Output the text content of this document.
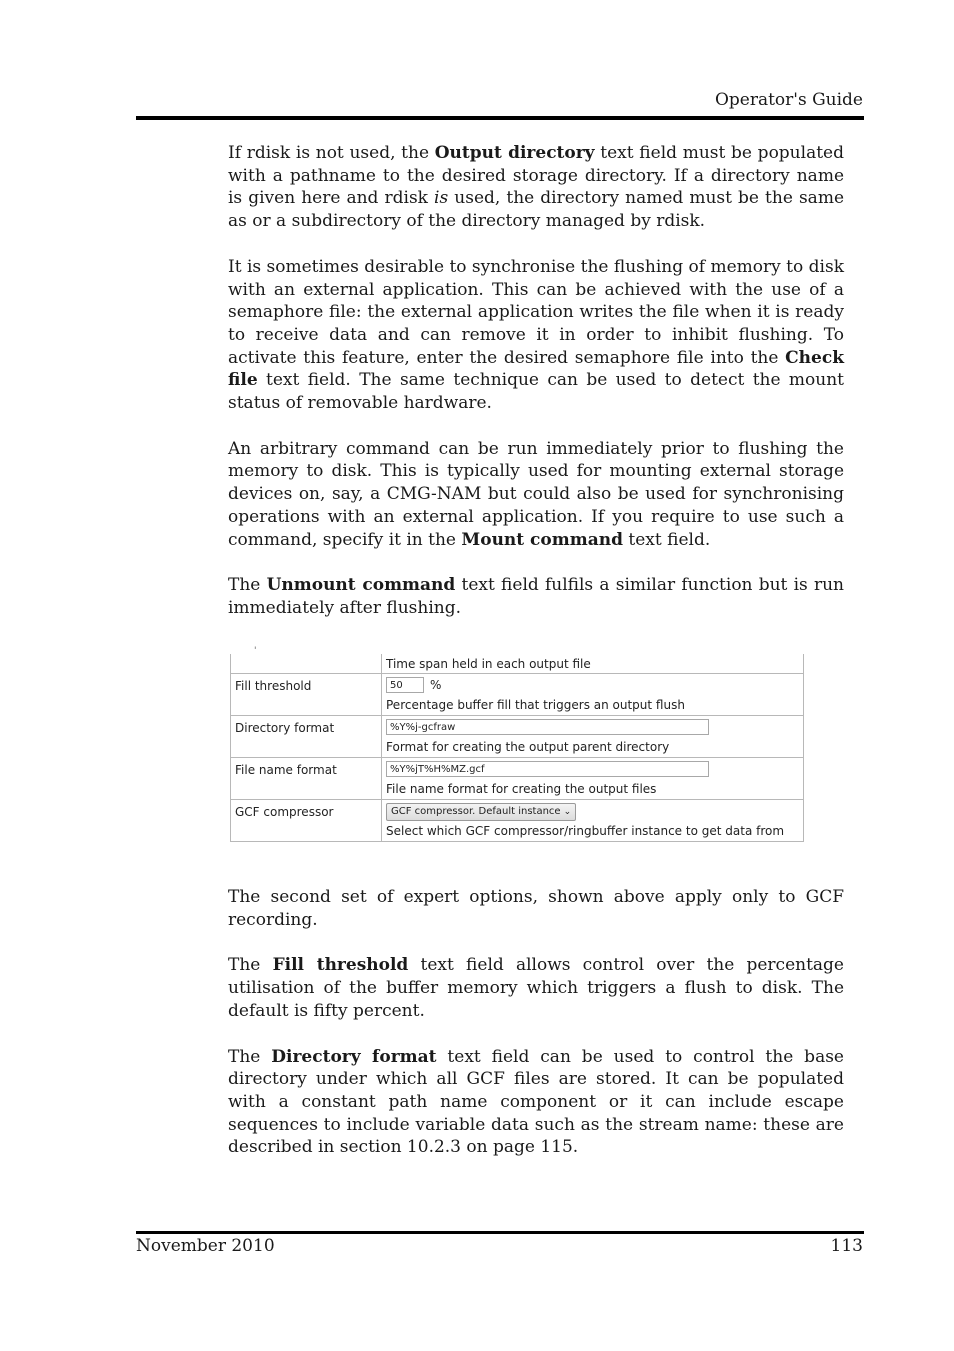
Operator's Guide

If rdisk is not used, the Output directory text field must be populated with a pathname to the desired storage directory. If a directory name is given here and rdisk is used, the directory named must be the same as or a subdirectory of the directory managed by rdisk.

It is sometimes desirable to synchronise the flushing of memory to disk with an external application. This can be achieved with the use of a semaphore file: the external application writes the file when it is ready to receive data and can remove it in order to inhibit flushing. To activate this feature, enter the desired semaphore file into the Check file text field. The same technique can be used to detect the mount status of removable hardware.

An arbitrary command can be run immediately prior to flushing the memory to disk. This is typically used for mounting external storage devices on, say, a CMG-NAM but could also be used for synchronising operations with an external application. If you require to use such a command, specify it in the Mount command text field.

The Unmount command text field fulfils a similar function but is run immediately after flushing.

'

	Time span held in each output file

Fill threshold	50 %
Percentage buffer fill that triggers an output flush

Directory format	%Y%j-gcfraw
Format for creating the output parent directory

File name format	%Y%jT%H%MZ.gcf
File name format for creating the output files

GCF compressor	GCF compressor. Default instance ⌄
Select which GCF compressor/ringbuffer instance to get data from

The second set of expert options, shown above apply only to GCF recording.

The Fill threshold text field allows control over the percentage utilisation of the buffer memory which triggers a flush to disk. The default is fifty percent.

The Directory format text field can be used to control the base directory under which all GCF files are stored. It can be populated with a constant path name component or it can include escape sequences to include variable data such as the stream name: these are described in section 10.2.3 on page 115.

November 2010	113
